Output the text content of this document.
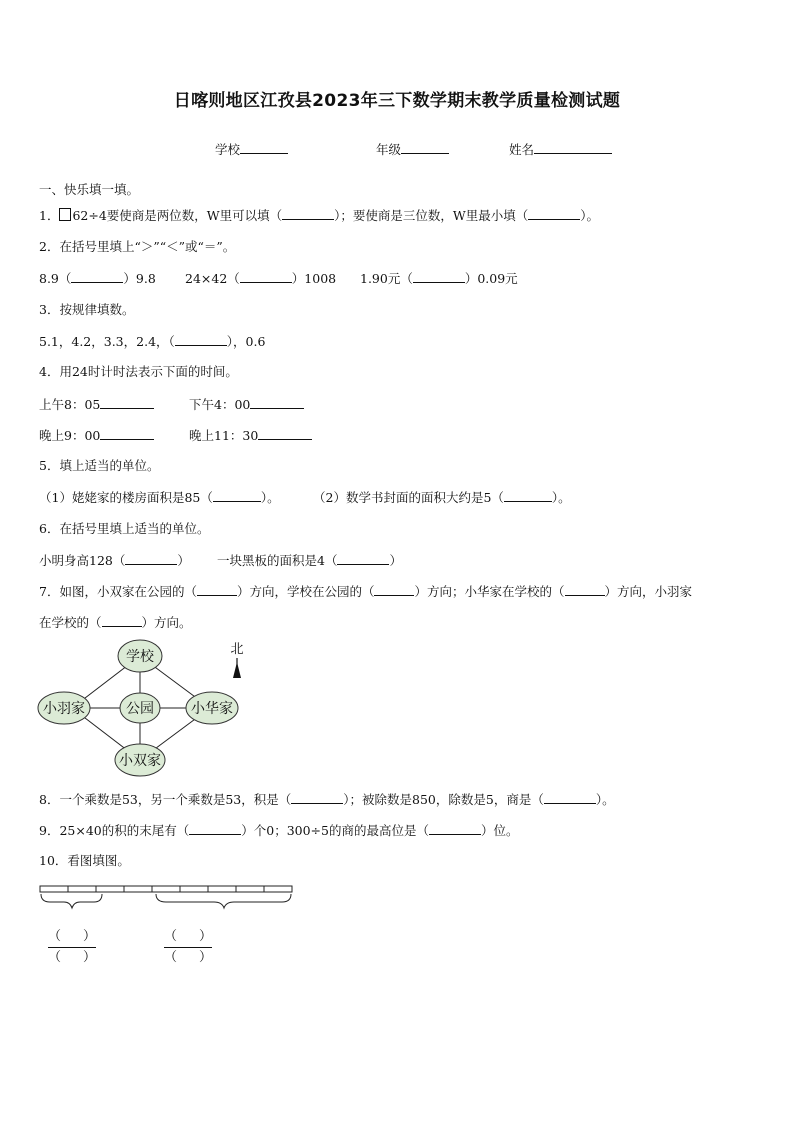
日喀则地区江孜县2023年三下数学期末教学质量检测试题
学校	年级	姓名
一、快乐填一填。
1． 62÷4要使商是两位数，W里可以填（	）；要使商是三位数，W里最小填（	）。
2．在括号里填上“＞”“＜”或“＝”。
8.9（	）9.8 24×42（	）1008 1.90元（	）0.09元
3．按规律填数。
5.1，4.2，3.3，2.4，（	），0.6
4．用24时计时法表示下面的时间。
上午8：05	下午4：00
晚上9：00	晚上11：30
5．填上适当的单位。
（1）姥姥家的楼房面积是85（	）。	（2）数学书封面的面积大约是5（	）。
6．在括号里填上适当的单位。
小明身高128（	） 一块黑板的面积是4（	）
7．如图，小双家在公园的（	）方向，学校在公园的（	）方向；小华家在学校的（	）方向，小羽家
在学校的（	）方向。
学校
公园
小羽家	小华家
小双家
北
8．一个乘数是53，另一个乘数是53，积是（	）；被除数是850，除数是5，商是（	）。
9．25×40的积的末尾有（	）个0；300÷5的商的最高位是（	）位。
10．看图填图。
（ ）
（ ）
（ ）
（ ）
